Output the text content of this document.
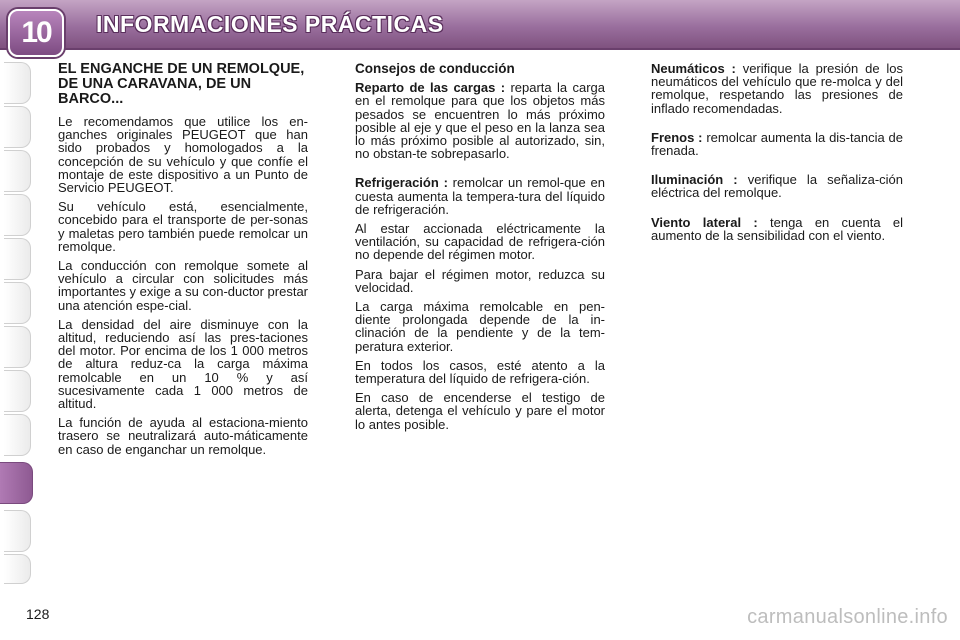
10	INFORMACIONES PRÁCTICAS
EL ENGANCHE DE UN REMOLQUE, DE UNA CARAVANA, DE UN BARCO...

Le recomendamos que utilice los en-ganches originales PEUGEOT que han sido probados y homologados a la concepción de su vehículo y que confíe el montaje de este dispositivo a un Punto de Servicio PEUGEOT.

Su vehículo está, esencialmente, concebido para el transporte de per-sonas y maletas pero también puede remolcar un remolque.

La conducción con remolque somete al vehículo a circular con solicitudes más importantes y exige a su con-ductor prestar una atención espe-cial.

La densidad del aire disminuye con la altitud, reduciendo así las pres-taciones del motor. Por encima de los 1 000 metros de altura reduz-ca la carga máxima remolcable en un 10 % y así sucesivamente cada 1 000 metros de altitud.

La función de ayuda al estaciona-miento trasero se neutralizará auto-máticamente en caso de enganchar un remolque.

Consejos de conducción

Reparto de las cargas : reparta la carga en el remolque para que los objetos más pesados se encuentren lo más próximo posible al eje y que el peso en la lanza sea lo más próximo posible al autorizado, sin, no obstan-te sobrepasarlo.

Refrigeración : remolcar un remol-que en cuesta aumenta la tempera-tura del líquido de refrigeración.

Al estar accionada eléctricamente la ventilación, su capacidad de refrigera-ción no depende del régimen motor.

Para bajar el régimen motor, reduzca su velocidad.

La carga máxima remolcable en pen-diente prolongada depende de la in-clinación de la pendiente y de la tem-peratura exterior.

En todos los casos, esté atento a la temperatura del líquido de refrigera-ción.

En caso de encenderse el testigo de alerta, detenga el vehículo y pare el motor lo antes posible.

Neumáticos : verifique la presión de los neumáticos del vehículo que re-molca y del remolque, respetando las presiones de inflado recomendadas.

Frenos : remolcar aumenta la dis-tancia de frenada.

Iluminación : verifique la señaliza-ción eléctrica del remolque.

Viento lateral : tenga en cuenta el aumento de la sensibilidad con el viento.

128	carmanualsonline.info
